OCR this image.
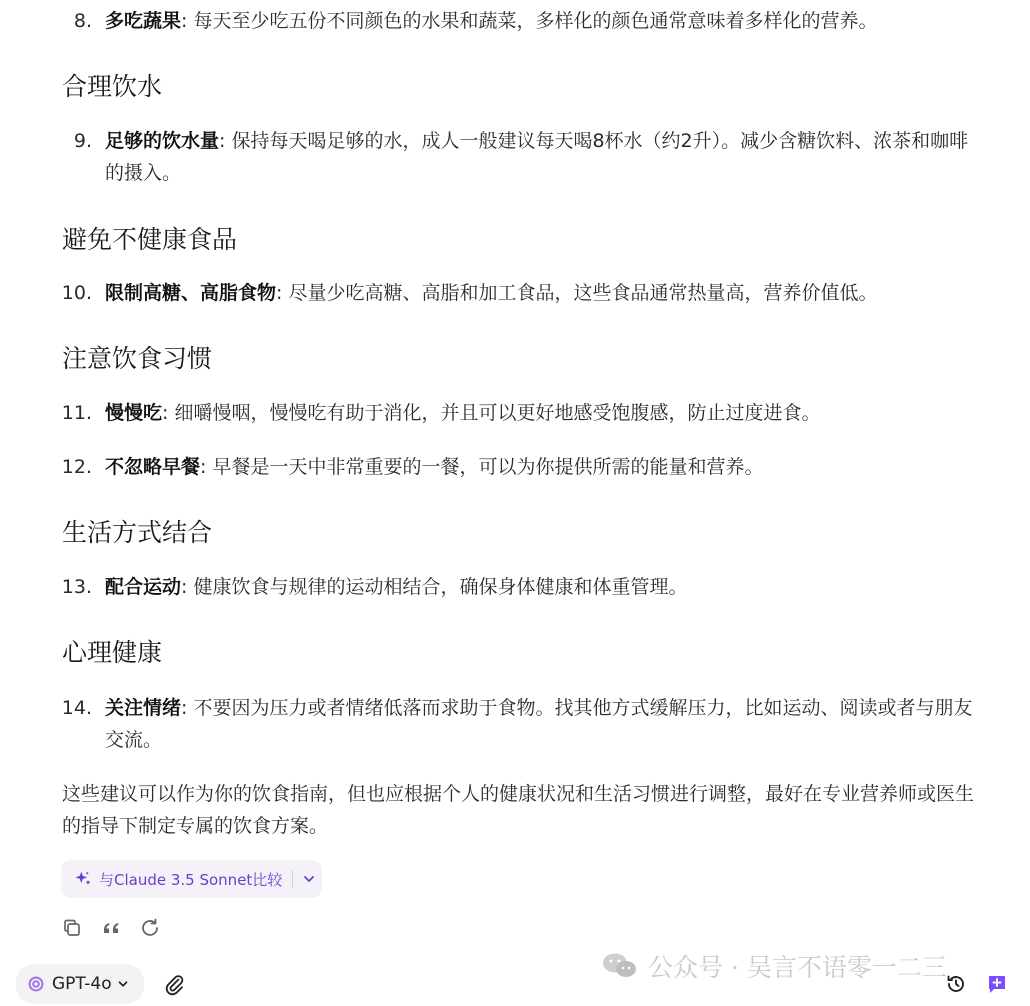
8. 多吃蔬果: 每天至少吃五份不同颜色的水果和蔬菜，多样化的颜色通常意味着多样化的营养。
合理饮水
9. 足够的饮水量: 保持每天喝足够的水，成人一般建议每天喝8杯水（约2升）。减少含糖饮料、浓茶和咖啡的摄入。
避免不健康食品
10. 限制高糖、高脂食物: 尽量少吃高糖、高脂和加工食品，这些食品通常热量高，营养价值低。
注意饮食习惯
11. 慢慢吃: 细嚼慢咽，慢慢吃有助于消化，并且可以更好地感受饱腹感，防止过度进食。
12. 不忽略早餐: 早餐是一天中非常重要的一餐，可以为你提供所需的能量和营养。
生活方式结合
13. 配合运动: 健康饮食与规律的运动相结合，确保身体健康和体重管理。
心理健康
14. 关注情绪: 不要因为压力或者情绪低落而求助于食物。找其他方式缓解压力，比如运动、阅读或者与朋友交流。
这些建议可以作为你的饮食指南，但也应根据个人的健康状况和生活习惯进行调整，最好在专业营养师或医生的指导下制定专属的饮食方案。
与Claude 3.5 Sonnet比较
GPT-4o
公众号 · 吴言不语零一二三
